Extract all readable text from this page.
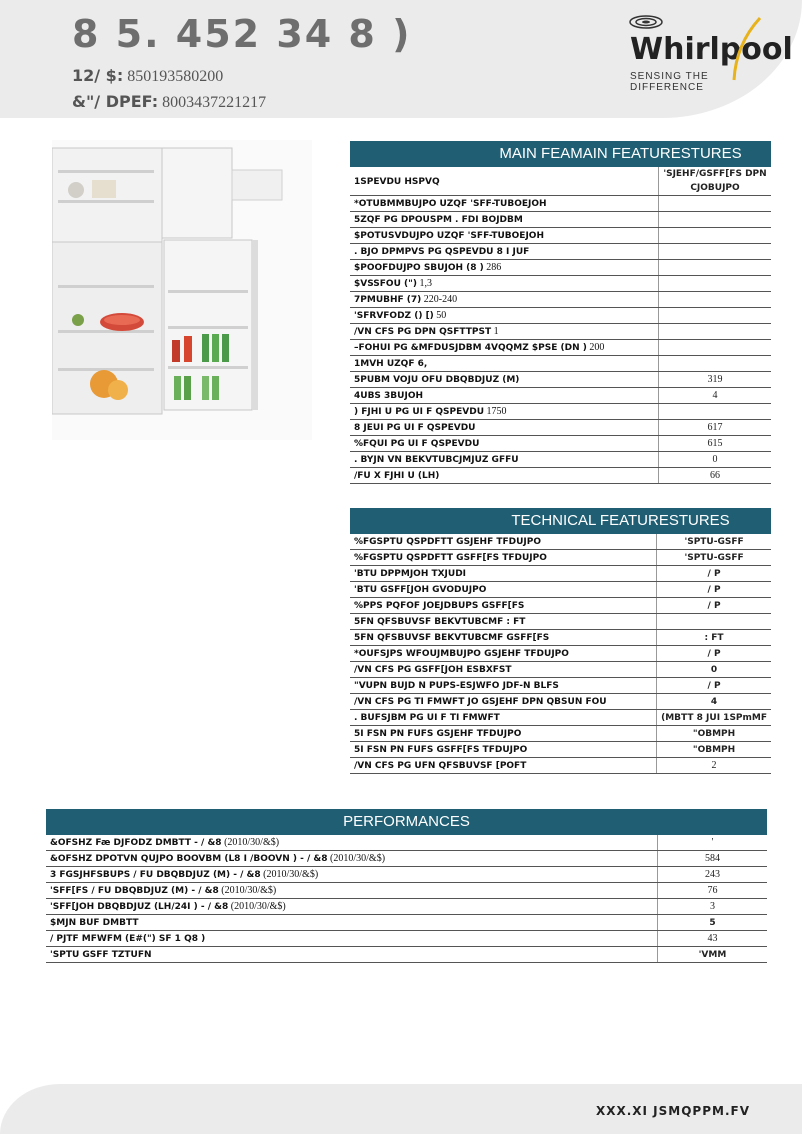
8 5. 452 34 8 )
12/ $: 850193580200
&"/ DPEF: 8003437221217
Whirlpool
SENSING THE DIFFERENCE
MAIN FEAMAIN FEATURESTURES
1SPEVDU HSPVQ	'SJEHF/GSFF[FS DPN CJOBUJPO
*OTUBMMBUJPO UZQF 'SFF-TUBOEJOH	
5ZQF PG DPOUSPM . FDI BOJDBM	
$POTUSVDUJPO UZQF 'SFF-TUBOEJOH	
. BJO DPMPVS PG QSPEVDU 8 I JUF	
$POOFDUJPO SBUJOH (8 ) 286	
$VSSFOU (") 1,3	
7PMUBHF (7) 220-240	
'SFRVFODZ () [) 50	
/VN CFS PG DPN QSFTTPST 1	
–FOHUI PG &MFDUSJDBM 4VQQMZ $PSE (DN ) 200	
1MVH UZQF 6,	
5PUBM VOJU OFU DBQBDJUZ (M)	319
4UBS 3BUJOH	4
) FJHI U PG UI F QSPEVDU 1750	
8 JEUI PG UI F QSPEVDU	617
%FQUI PG UI F QSPEVDU	615
. BYJN VN BEKVTUBCJMJUZ GFFU	0
/FU X FJHI U (LH)	66
TECHNICAL FEATURESTURES
%FGSPTU QSPDFTT GSJEHF TFDUJPO	'SPTU-GSFF
%FGSPTU QSPDFTT GSFF[FS TFDUJPO	'SPTU-GSFF
'BTU DPPMJOH TXJUDI	/ P
'BTU GSFF[JOH GVODUJPO	/ P
%PPS PQFOF JOEJDBUPS GSFF[FS	/ P
5FN QFSBUVSF BEKVTUBCMF : FT	
5FN QFSBUVSF BEKVTUBCMF GSFF[FS	: FT
*OUFSJPS WFOUJMBUJPO GSJEHF TFDUJPO	/ P
/VN CFS PG GSFF[JOH ESBXFST	0
"VUPN BUJD N PUPS-ESJWFO JDF-N BLFS	/ P
/VN CFS PG TI FMWFT JO GSJEHF DPN QBSUN FOU	4
. BUFSJBM PG UI F TI FMWFT	(MBTT 8 JUI 1SPmMF
5I FSN PN FUFS GSJEHF TFDUJPO	"OBMPH
5I FSN PN FUFS GSFF[FS TFDUJPO	"OBMPH
/VN CFS PG UFN QFSBUVSF [POFT	2
PERFORMANCES
&OFSHZ Fæ DJFODZ DMBTT - / &8 (2010/30/&$)	'
&OFSHZ DPOTVN QUJPO BOOVBM (L8 I /BOOVN ) - / &8 (2010/30/&$)	584
3 FGSJHFSBUPS / FU DBQBDJUZ (M) - / &8 (2010/30/&$)	243
'SFF[FS / FU DBQBDJUZ (M) - / &8 (2010/30/&$)	76
'SFF[JOH DBQBDJUZ (LH/24I ) - / &8 (2010/30/&$)	3
$MJN BUF DMBTT	5
/ PJTF MFWFM (E#(") SF 1 Q8 )	43
'SPTU GSFF TZTUFN	'VMM
XXX.XI JSMQPPM.FV
